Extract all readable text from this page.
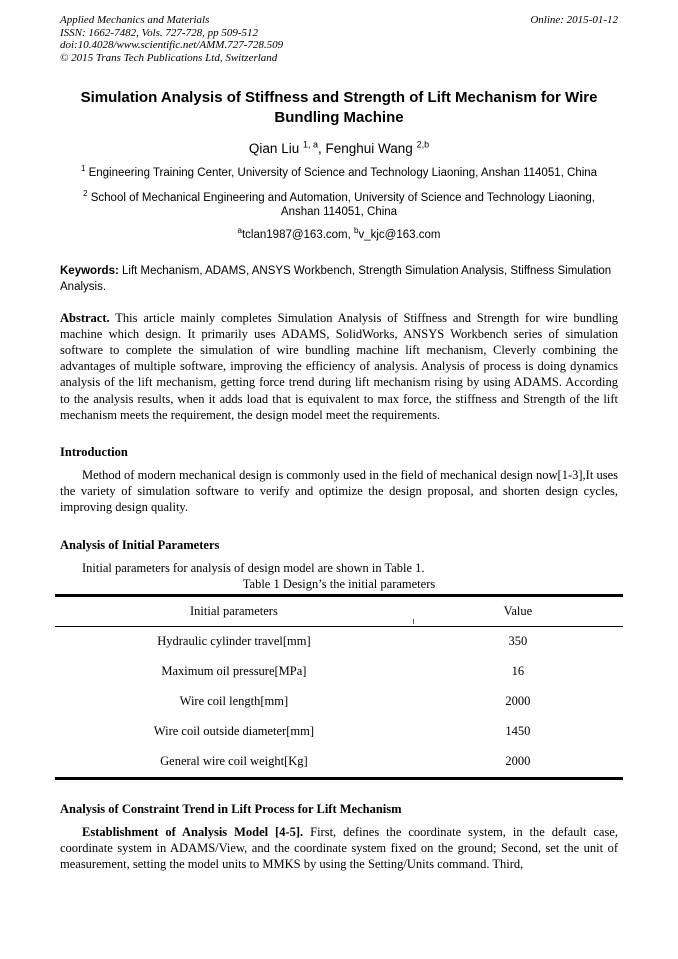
Applied Mechanics and Materials

ISSN: 1662-7482, Vols. 727-728, pp 509-512

doi:10.4028/www.scientific.net/AMM.727-728.509

© 2015 Trans Tech Publications Ltd, Switzerland

Online: 2015-01-12

Simulation Analysis of Stiffness and Strength of Lift Mechanism for Wire Bundling Machine

Qian Liu $^{1, a}$, Fenghui Wang $^{2,b}$

$^1$ Engineering Training Center, University of Science and Technology Liaoning, Anshan 114051, China

$^2$ School of Mechanical Engineering and Automation, University of Science and Technology Liaoning, Anshan 114051, China

$^a$tclan1987@163.com, $^b$v_kjc@163.com

Keywords: Lift Mechanism, ADAMS, ANSYS Workbench, Strength Simulation Analysis, Stiffness Simulation Analysis.

Abstract. This article mainly completes Simulation Analysis of Stiffness and Strength for wire bundling machine which design. It primarily uses ADAMS, SolidWorks, ANSYS Workbench series of simulation software to complete the simulation of wire bundling machine lift mechanism, Cleverly combining the advantages of multiple software, improving the efficiency of analysis. Analysis of process is doing dynamics analysis of the lift mechanism, getting force trend during lift mechanism rising by using ADAMS. According to the analysis results, when it adds load that is equivalent to max force, the stiffness and Strength of the lift mechanism meets the requirement, the design model meet the requirements.

Introduction

Method of modern mechanical design is commonly used in the field of mechanical design now[1-3],It uses the variety of simulation software to verify and optimize the design proposal, and shorten design cycles, improving design quality.

Analysis of Initial Parameters

Initial parameters for analysis of design model are shown in Table 1.

Table 1 Design’s the initial parameters

Initial parameters	Value
Hydraulic cylinder travel[mm]	350
Maximum oil pressure[MPa]	16
Wire coil length[mm]	2000
Wire coil outside diameter[mm]	1450
General wire coil weight[Kg]	2000
Analysis of Constraint Trend in Lift Process for Lift Mechanism

Establishment of Analysis Model [4-5]. First, defines the coordinate system, in the default case, coordinate system in ADAMS/View, and the coordinate system fixed on the ground; Second, set the unit of measurement, setting the model units to MMKS by using the Setting/Units command. Third,
